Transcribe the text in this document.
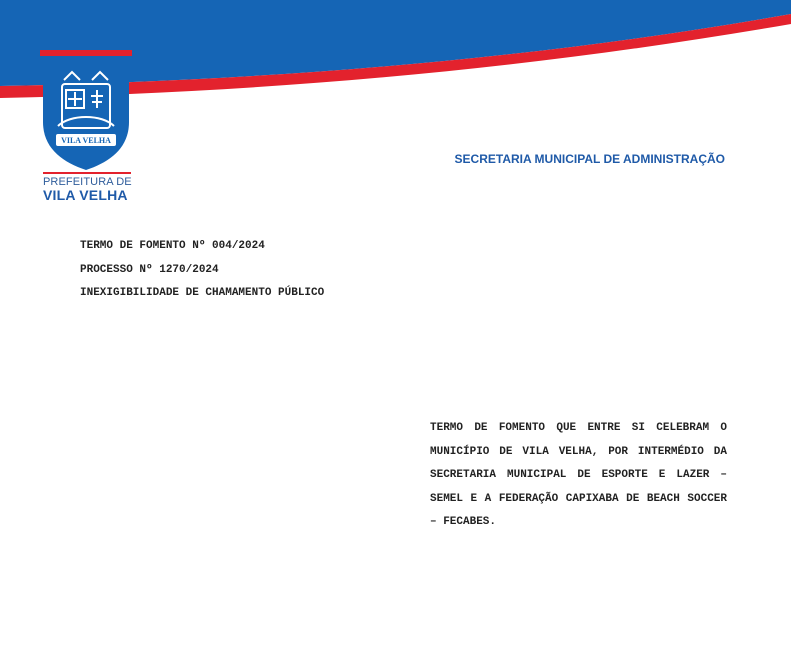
VILA VELHA
PREFEITURA DE
VILA VELHA
SECRETARIA MUNICIPAL DE ADMINISTRAÇÃO
TERMO DE FOMENTO Nº 004/2024
PROCESSO Nº 1270/2024
INEXIGIBILIDADE DE CHAMAMENTO PÚBLICO
TERMO DE FOMENTO QUE ENTRE SI CELEBRAM O MUNICÍPIO DE VILA VELHA, POR INTERMÉDIO DA SECRETARIA MUNICIPAL DE ESPORTE E LAZER – SEMEL E A FEDERAÇÃO CAPIXABA DE BEACH SOCCER – FECABES.
